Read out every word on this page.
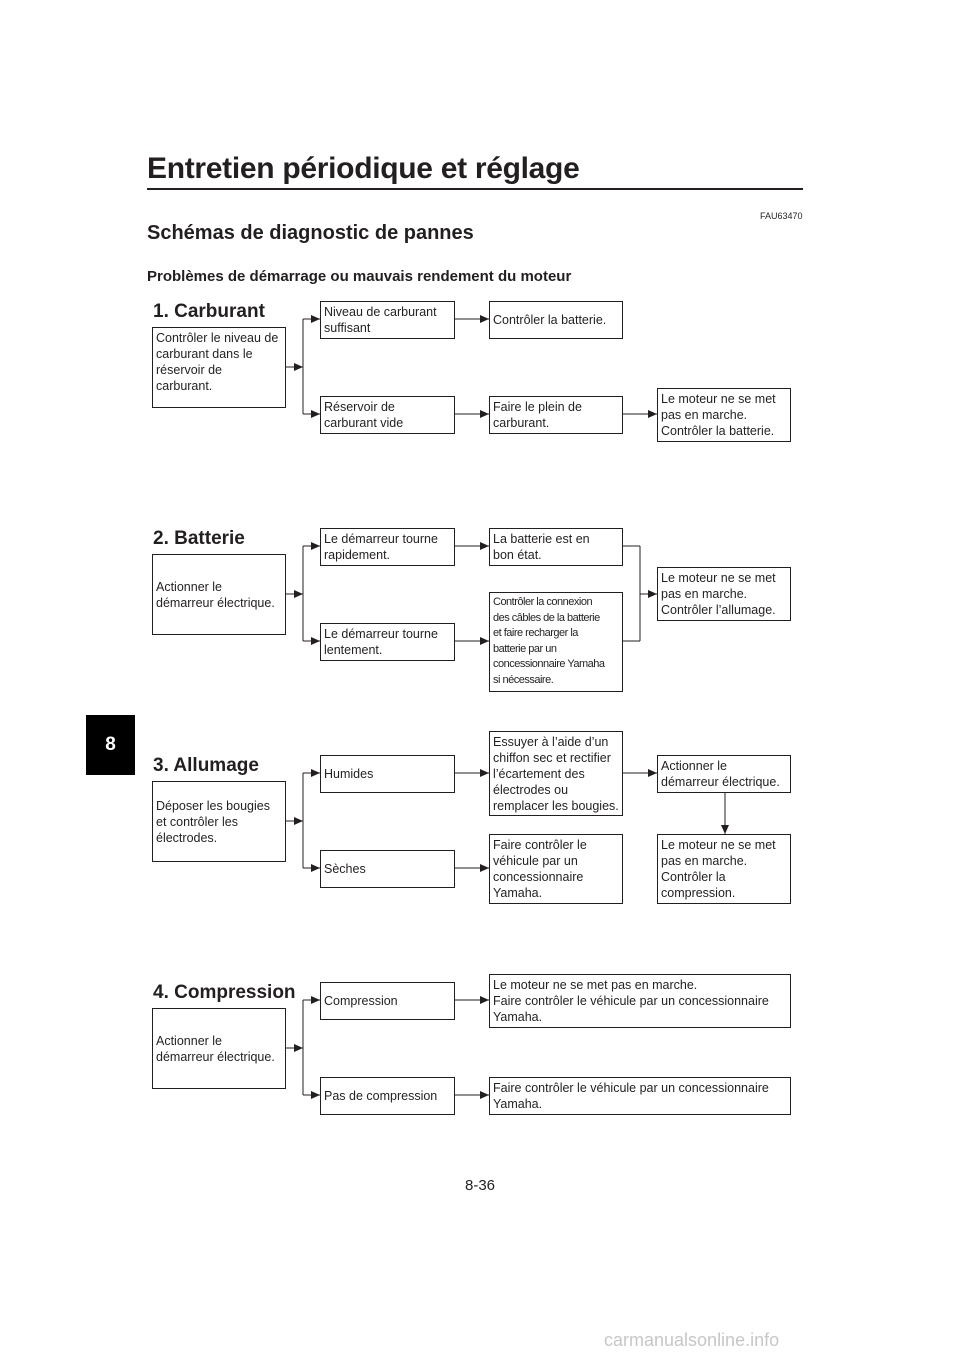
Entretien périodique et réglage
FAU63470
Schémas de diagnostic de pannes
Problèmes de démarrage ou mauvais rendement du moteur
8
1. Carburant
Contrôler le niveau de
carburant dans le
réservoir de
carburant.
Niveau de carburant
suffisant
Contrôler la batterie.
Réservoir de
carburant vide
Faire le plein de
carburant.
Le moteur ne se met
pas en marche.
Contrôler la batterie.
2. Batterie
Actionner le
démarreur électrique.
Le démarreur tourne
rapidement.
La batterie est en
bon état.
Le démarreur tourne
lentement.
Contrôler la connexion
des câbles de la batterie
et faire recharger la
batterie par un
concessionnaire Yamaha
si nécessaire.
Le moteur ne se met
pas en marche.
Contrôler l’allumage.
3. Allumage
Déposer les bougies
et contrôler les
électrodes.
Humides
Essuyer à l’aide d’un
chiffon sec et rectifier
l’écartement des
électrodes ou
remplacer les bougies.
Actionner le
démarreur électrique.
Le moteur ne se met
pas en marche.
Contrôler la
compression.
Sèches
Faire contrôler le
véhicule par un
concessionnaire
Yamaha.
4. Compression
Actionner le
démarreur électrique.
Compression
Le moteur ne se met pas en marche.
Faire contrôler le véhicule par un concessionnaire
Yamaha.
Pas de compression
Faire contrôler le véhicule par un concessionnaire
Yamaha.
8-36
carmanualsonline.info
